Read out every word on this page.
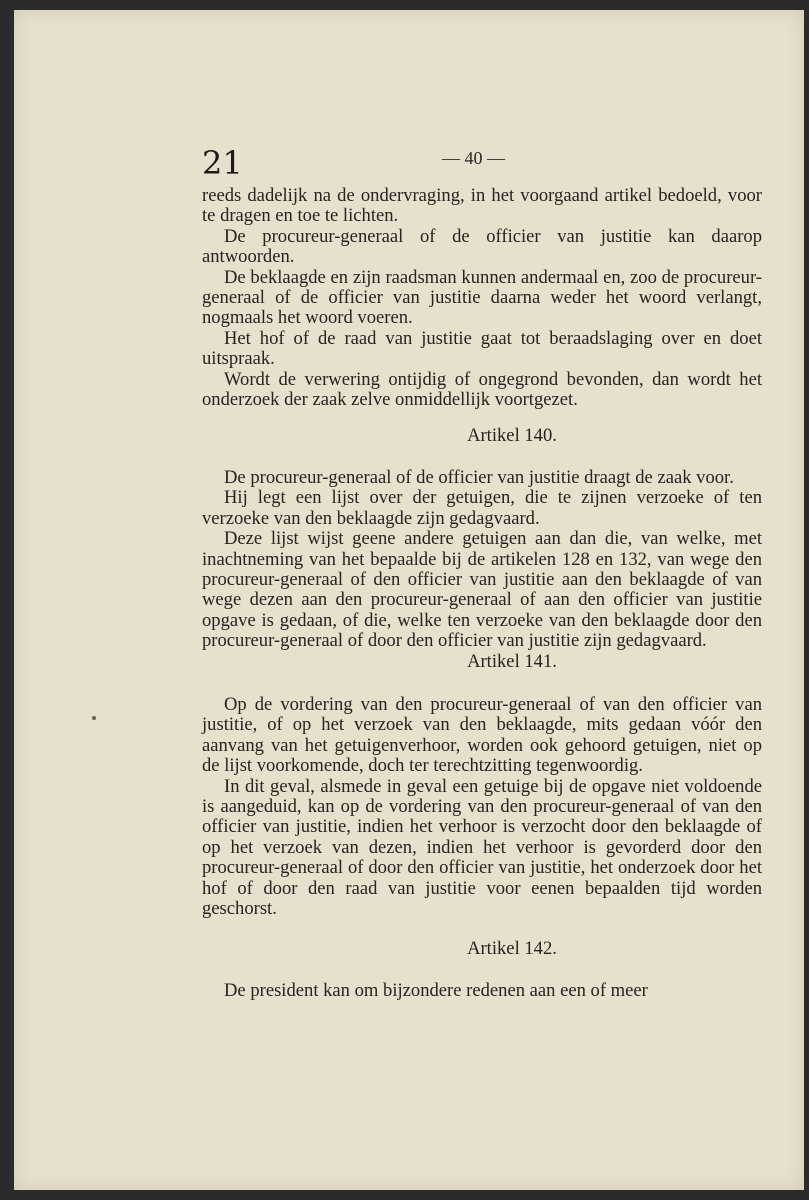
21	— 40 —

reeds dadelijk na de ondervraging, in het voorgaand artikel bedoeld, voor te dragen en toe te lichten.

De procureur-generaal of de officier van justitie kan daarop antwoorden.

De beklaagde en zijn raadsman kunnen andermaal en, zoo de procureur-generaal of de officier van justitie daarna weder het woord verlangt, nogmaals het woord voeren.

Het hof of de raad van justitie gaat tot beraadslaging over en doet uitspraak.

Wordt de verwering ontijdig of ongegrond bevonden, dan wordt het onderzoek der zaak zelve onmiddellijk voortgezet.

Artikel 140.

De procureur-generaal of de officier van justitie draagt de zaak voor.

Hij legt een lijst over der getuigen, die te zijnen verzoeke of ten verzoeke van den beklaagde zijn gedagvaard.

Deze lijst wijst geene andere getuigen aan dan die, van welke, met inachtneming van het bepaalde bij de artikelen 128 en 132, van wege den procureur-generaal of den officier van justitie aan den beklaagde of van wege dezen aan den procureur-generaal of aan den officier van justitie opgave is gedaan, of die, welke ten verzoeke van den beklaagde door den procureur-generaal of door den officier van justitie zijn gedagvaard.

Artikel 141.

Op de vordering van den procureur-generaal of van den officier van justitie, of op het verzoek van den beklaagde, mits gedaan vóór den aanvang van het getuigenverhoor, worden ook gehoord getuigen, niet op de lijst voorkomende, doch ter terechtzitting tegenwoordig.

In dit geval, alsmede in geval een getuige bij de opgave niet voldoende is aangeduid, kan op de vordering van den procureur-generaal of van den officier van justitie, indien het verhoor is verzocht door den beklaagde of op het verzoek van dezen, indien het verhoor is gevorderd door den procureur-generaal of door den officier van justitie, het onderzoek door het hof of door den raad van justitie voor eenen bepaalden tijd worden geschorst.

Artikel 142.

De president kan om bijzondere redenen aan een of meer
